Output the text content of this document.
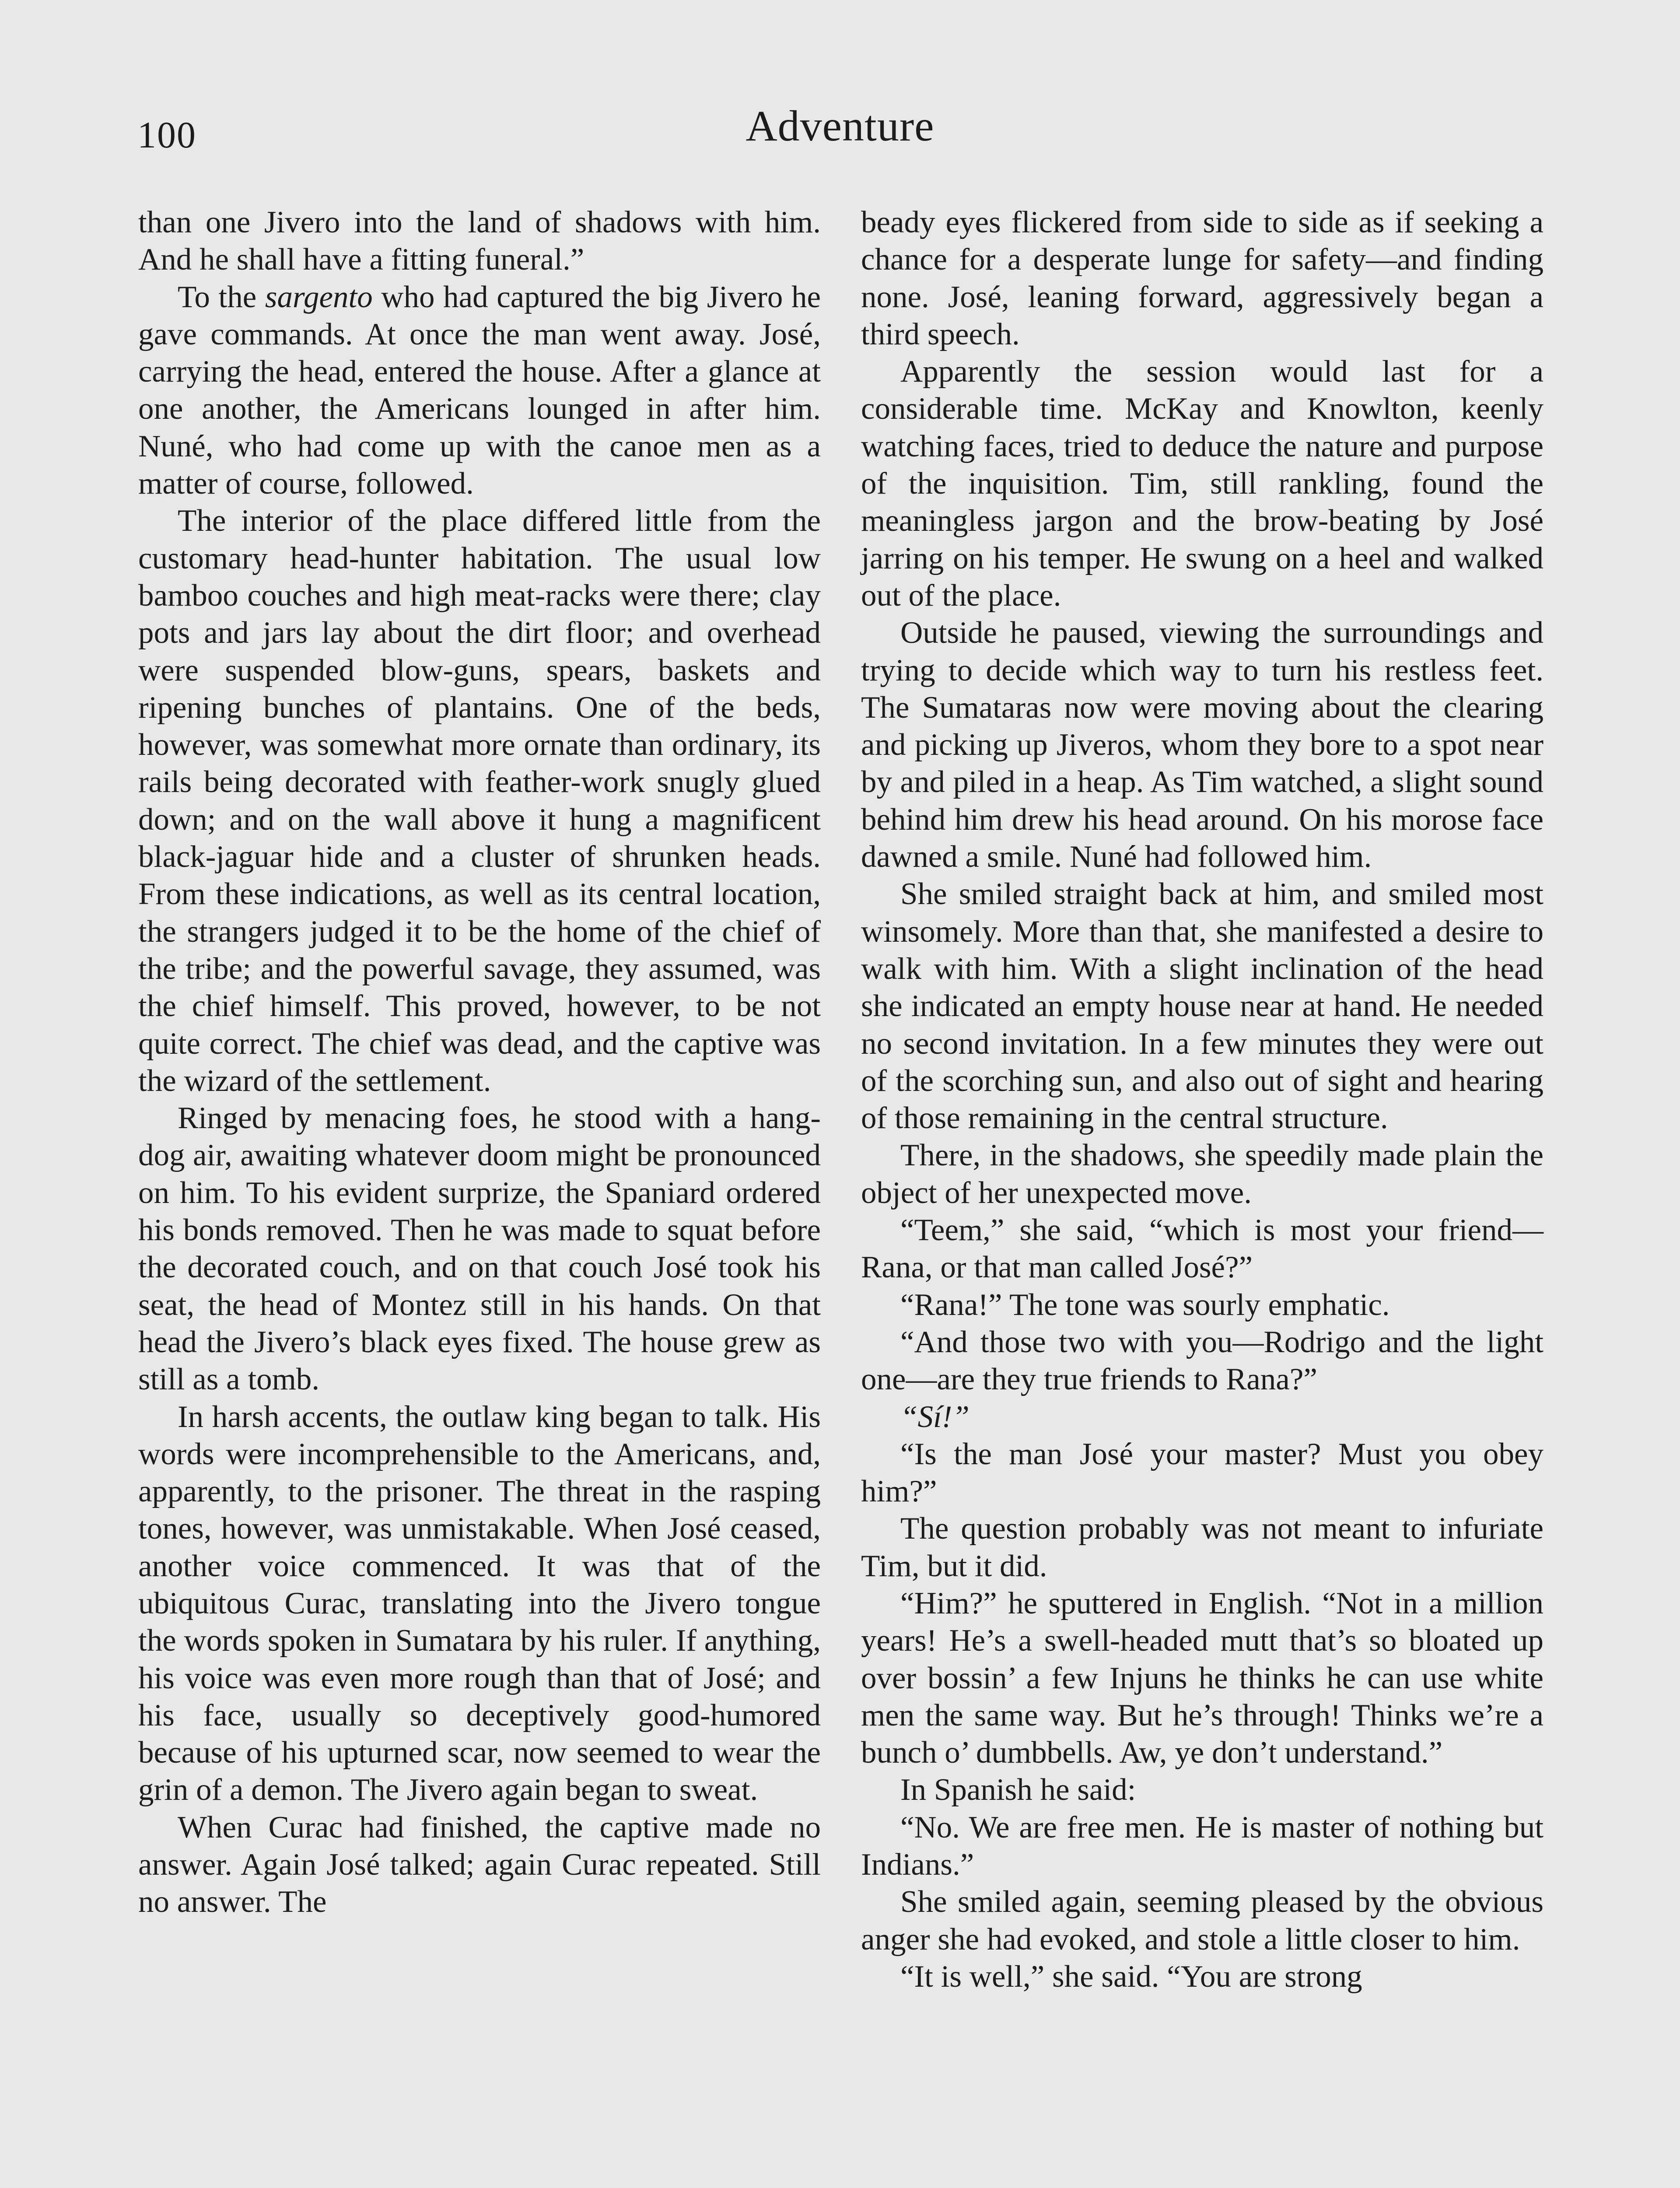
100	Adventure

than one Jivero into the land of shadows with him. And he shall have a fitting funeral.”

To the sargento who had captured the big Jivero he gave commands. At once the man went away. José, carrying the head, entered the house. After a glance at one another, the Americans lounged in after him. Nuné, who had come up with the canoe men as a matter of course, followed.

The interior of the place differed little from the customary head-hunter habitation. The usual low bamboo couches and high meat-racks were there; clay pots and jars lay about the dirt floor; and overhead were suspended blow-guns, spears, baskets and ripening bunches of plantains. One of the beds, however, was somewhat more ornate than ordinary, its rails being decorated with feather-work snugly glued down; and on the wall above it hung a magnificent black-jaguar hide and a cluster of shrunken heads. From these indications, as well as its central location, the strangers judged it to be the home of the chief of the tribe; and the powerful savage, they assumed, was the chief himself. This proved, however, to be not quite correct. The chief was dead, and the captive was the wizard of the settlement.

Ringed by menacing foes, he stood with a hang-dog air, awaiting whatever doom might be pronounced on him. To his evident surprize, the Spaniard ordered his bonds removed. Then he was made to squat before the decorated couch, and on that couch José took his seat, the head of Montez still in his hands. On that head the Jivero’s black eyes fixed. The house grew as still as a tomb.

In harsh accents, the outlaw king began to talk. His words were incomprehensible to the Americans, and, apparently, to the prisoner. The threat in the rasping tones, however, was unmistakable. When José ceased, another voice commenced. It was that of the ubiquitous Curac, translating into the Jivero tongue the words spoken in Sumatara by his ruler. If anything, his voice was even more rough than that of José; and his face, usually so deceptively good-humored because of his upturned scar, now seemed to wear the grin of a demon. The Jivero again began to sweat.

When Curac had finished, the captive made no answer. Again José talked; again Curac repeated. Still no answer. The

beady eyes flickered from side to side as if seeking a chance for a desperate lunge for safety—and finding none. José, leaning forward, aggressively began a third speech.

Apparently the session would last for a considerable time. McKay and Knowlton, keenly watching faces, tried to deduce the nature and purpose of the inquisition. Tim, still rankling, found the meaningless jargon and the brow-beating by José jarring on his temper. He swung on a heel and walked out of the place.

Outside he paused, viewing the surroundings and trying to decide which way to turn his restless feet. The Sumataras now were moving about the clearing and picking up Jiveros, whom they bore to a spot near by and piled in a heap. As Tim watched, a slight sound behind him drew his head around. On his morose face dawned a smile. Nuné had followed him.

She smiled straight back at him, and smiled most winsomely. More than that, she manifested a desire to walk with him. With a slight inclination of the head she indicated an empty house near at hand. He needed no second invitation. In a few minutes they were out of the scorching sun, and also out of sight and hearing of those remaining in the central structure.

There, in the shadows, she speedily made plain the object of her unexpected move.

“Teem,” she said, “which is most your friend—Rana, or that man called José?”

“Rana!” The tone was sourly emphatic.

“And those two with you—Rodrigo and the light one—are they true friends to Rana?”

“Sí!”

“Is the man José your master? Must you obey him?”

The question probably was not meant to infuriate Tim, but it did.

“Him?” he sputtered in English. “Not in a million years! He’s a swell-headed mutt that’s so bloated up over bossin’ a few Injuns he thinks he can use white men the same way. But he’s through! Thinks we’re a bunch o’ dumbbells. Aw, ye don’t understand.”

In Spanish he said:

“No. We are free men. He is master of nothing but Indians.”

She smiled again, seeming pleased by the obvious anger she had evoked, and stole a little closer to him.

“It is well,” she said. “You are strong
